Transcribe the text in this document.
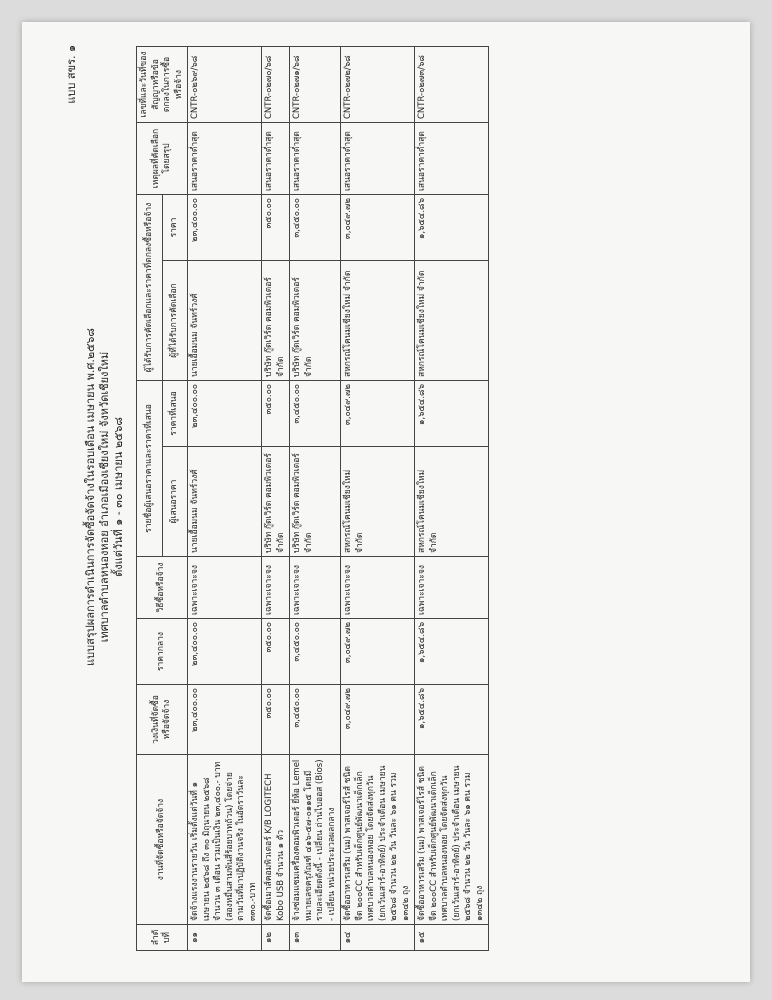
แบบ สขร. ๑
แบบสรุปผลการดำเนินการจัดซื้อจัดจ้างในรอบเดือน เมษายน พ.ศ.๒๕๖๘ เทศบาลตำบลหนองหอย อำเภอเมืองเชียงใหม่ จังหวัดเชียงใหม่ ตั้งแต่วันที่ ๑ - ๓๐ เมษายน ๒๕๖๘
ลำดับที่	งานที่จัดซื้อหรือจัดจ้าง	วงเงินที่จัดซื้อหรือจัดจ้าง	ราคากลาง	วิธีซื้อหรือจ้าง	รายชื่อผู้เสนอราคาและราคาที่เสนอ		ผู้ได้รับการคัดเลือกและราคาที่ตกลงซื้อหรือจ้าง		เหตุผลที่คัดเลือกโดยสรุป	เลขที่และวันที่ของสัญญาหรือข้อตกลงในการซื้อหรือจ้าง
					ผู้เสนอราคา	ราคาที่เสนอ	ผู้ที่ได้รับการคัดเลือก	ราคา		
๑๑	จัดจ้างแรงงานรายวัน เริ่มตั้งแต่วันที่ ๑ เมษายน ๒๕๖๘ ถึง ๓๐ มิถุนายน ๒๕๖๘ จำนวน ๓ เดือน รวมเป็นเงิน ๒๓,๔๐๐.- บาท (สองหมื่นสามพันสี่ร้อยบาทถ้วน) โดยจ่ายตามวันที่มาปฏิบัติงานจริง ในอัตราวันละ ๓๓๐.-บาท	๒๓,๔๐๐.๐๐	๒๓,๔๐๐.๐๐	เฉพาะเจาะจง	นายเอื้อมนม จันทร์วงศ์	๒๓,๔๐๐.๐๐	นายเอื้อมนม จันทร์วงศ์	๒๓,๔๐๐.๐๐	เสนอราคาต่ำสุด	CNTR-๐๒๖๙/๖๘
๑๒	จัดซื้อเมาส์คอมพิวเตอร์ K/B LOGITECH Kobo USB จำนวน ๑ ตัว	๓๕๐.๐๐	๓๕๐.๐๐	เฉพาะเจาะจง	บริษัท กู๊ดเวิร์ด คอมพิวเตอร์ จำกัด	๓๕๐.๐๐	บริษัท กู๊ดเวิร์ด คอมพิวเตอร์ จำกัด	๓๕๐.๐๐	เสนอราคาต่ำสุด	CNTR-๐๒๗๐/๖๘
๑๓	จ้างซ่อมแซมเครื่องคอมพิวเตอร์ ยี่ห้อ Lemel หมายเลขครุภัณฑ์ ๔๑๖-๕๗-๐๑๑๕ โดยมีรายละเอียดดังนี้ - เปลี่ยน ถ่านไบออส (Bios) - เปลี่ยน หน่วยประมวลผลกลาง	๓,๔๕๐.๐๐	๓,๔๕๐.๐๐	เฉพาะเจาะจง	บริษัท กู๊ดเวิร์ด คอมพิวเตอร์ จำกัด	๓,๔๕๐.๐๐	บริษัท กู๊ดเวิร์ด คอมพิวเตอร์ จำกัด	๓,๔๕๐.๐๐	เสนอราคาต่ำสุด	CNTR-๐๒๗๑/๖๘
๑๔	จัดซื้ออาหารเสริม (นม) พาสเจอร์ไรส์ ชนิด จืด ๒๐๐CC สำหรับเด็กศูนย์พัฒนาเด็กเล็กเทศบาลตำบลหนองหอย โดยจัดส่งทุกวัน (ยกเว้นเสาร์-อาทิตย์) ประจำเดือน เมษายน ๒๕๖๘ จำนวน ๒๒ วัน วันละ ๖๑ คน รวม ๑๓๔๒ ถุง	๓,๐๔๙.๗๒	๓,๐๔๙.๗๒	เฉพาะเจาะจง	สหกรณ์โคนมเชียงใหม่ จำกัด	๓,๐๔๙.๗๒	สหกรณ์โคนมเชียงใหม่ จำกัด	๓,๐๔๙.๗๒	เสนอราคาต่ำสุด	CNTR-๐๒๗๒/๖๘
๑๕	จัดซื้ออาหารเสริม (นม) พาสเจอร์ไรส์ ชนิด จืด ๒๐๐CC สำหรับเด็กศูนย์พัฒนาเด็กเล็กเทศบาลตำบลหนองหอย โดยจัดส่งทุกวัน (ยกเว้นเสาร์-อาทิตย์) ประจำเดือน เมษายน ๒๕๖๘ จำนวน ๒๒ วัน วันละ ๖๑ คน รวม ๑๓๔๒ ถุง	๑,๖๕๔.๘๖	๑,๖๕๔.๘๖	เฉพาะเจาะจง	สหกรณ์โคนมเชียงใหม่ จำกัด	๑,๖๕๔.๘๖	สหกรณ์โคนมเชียงใหม่ จำกัด	๑,๖๕๔.๘๖	เสนอราคาต่ำสุด	CNTR-๐๒๗๓/๖๘
